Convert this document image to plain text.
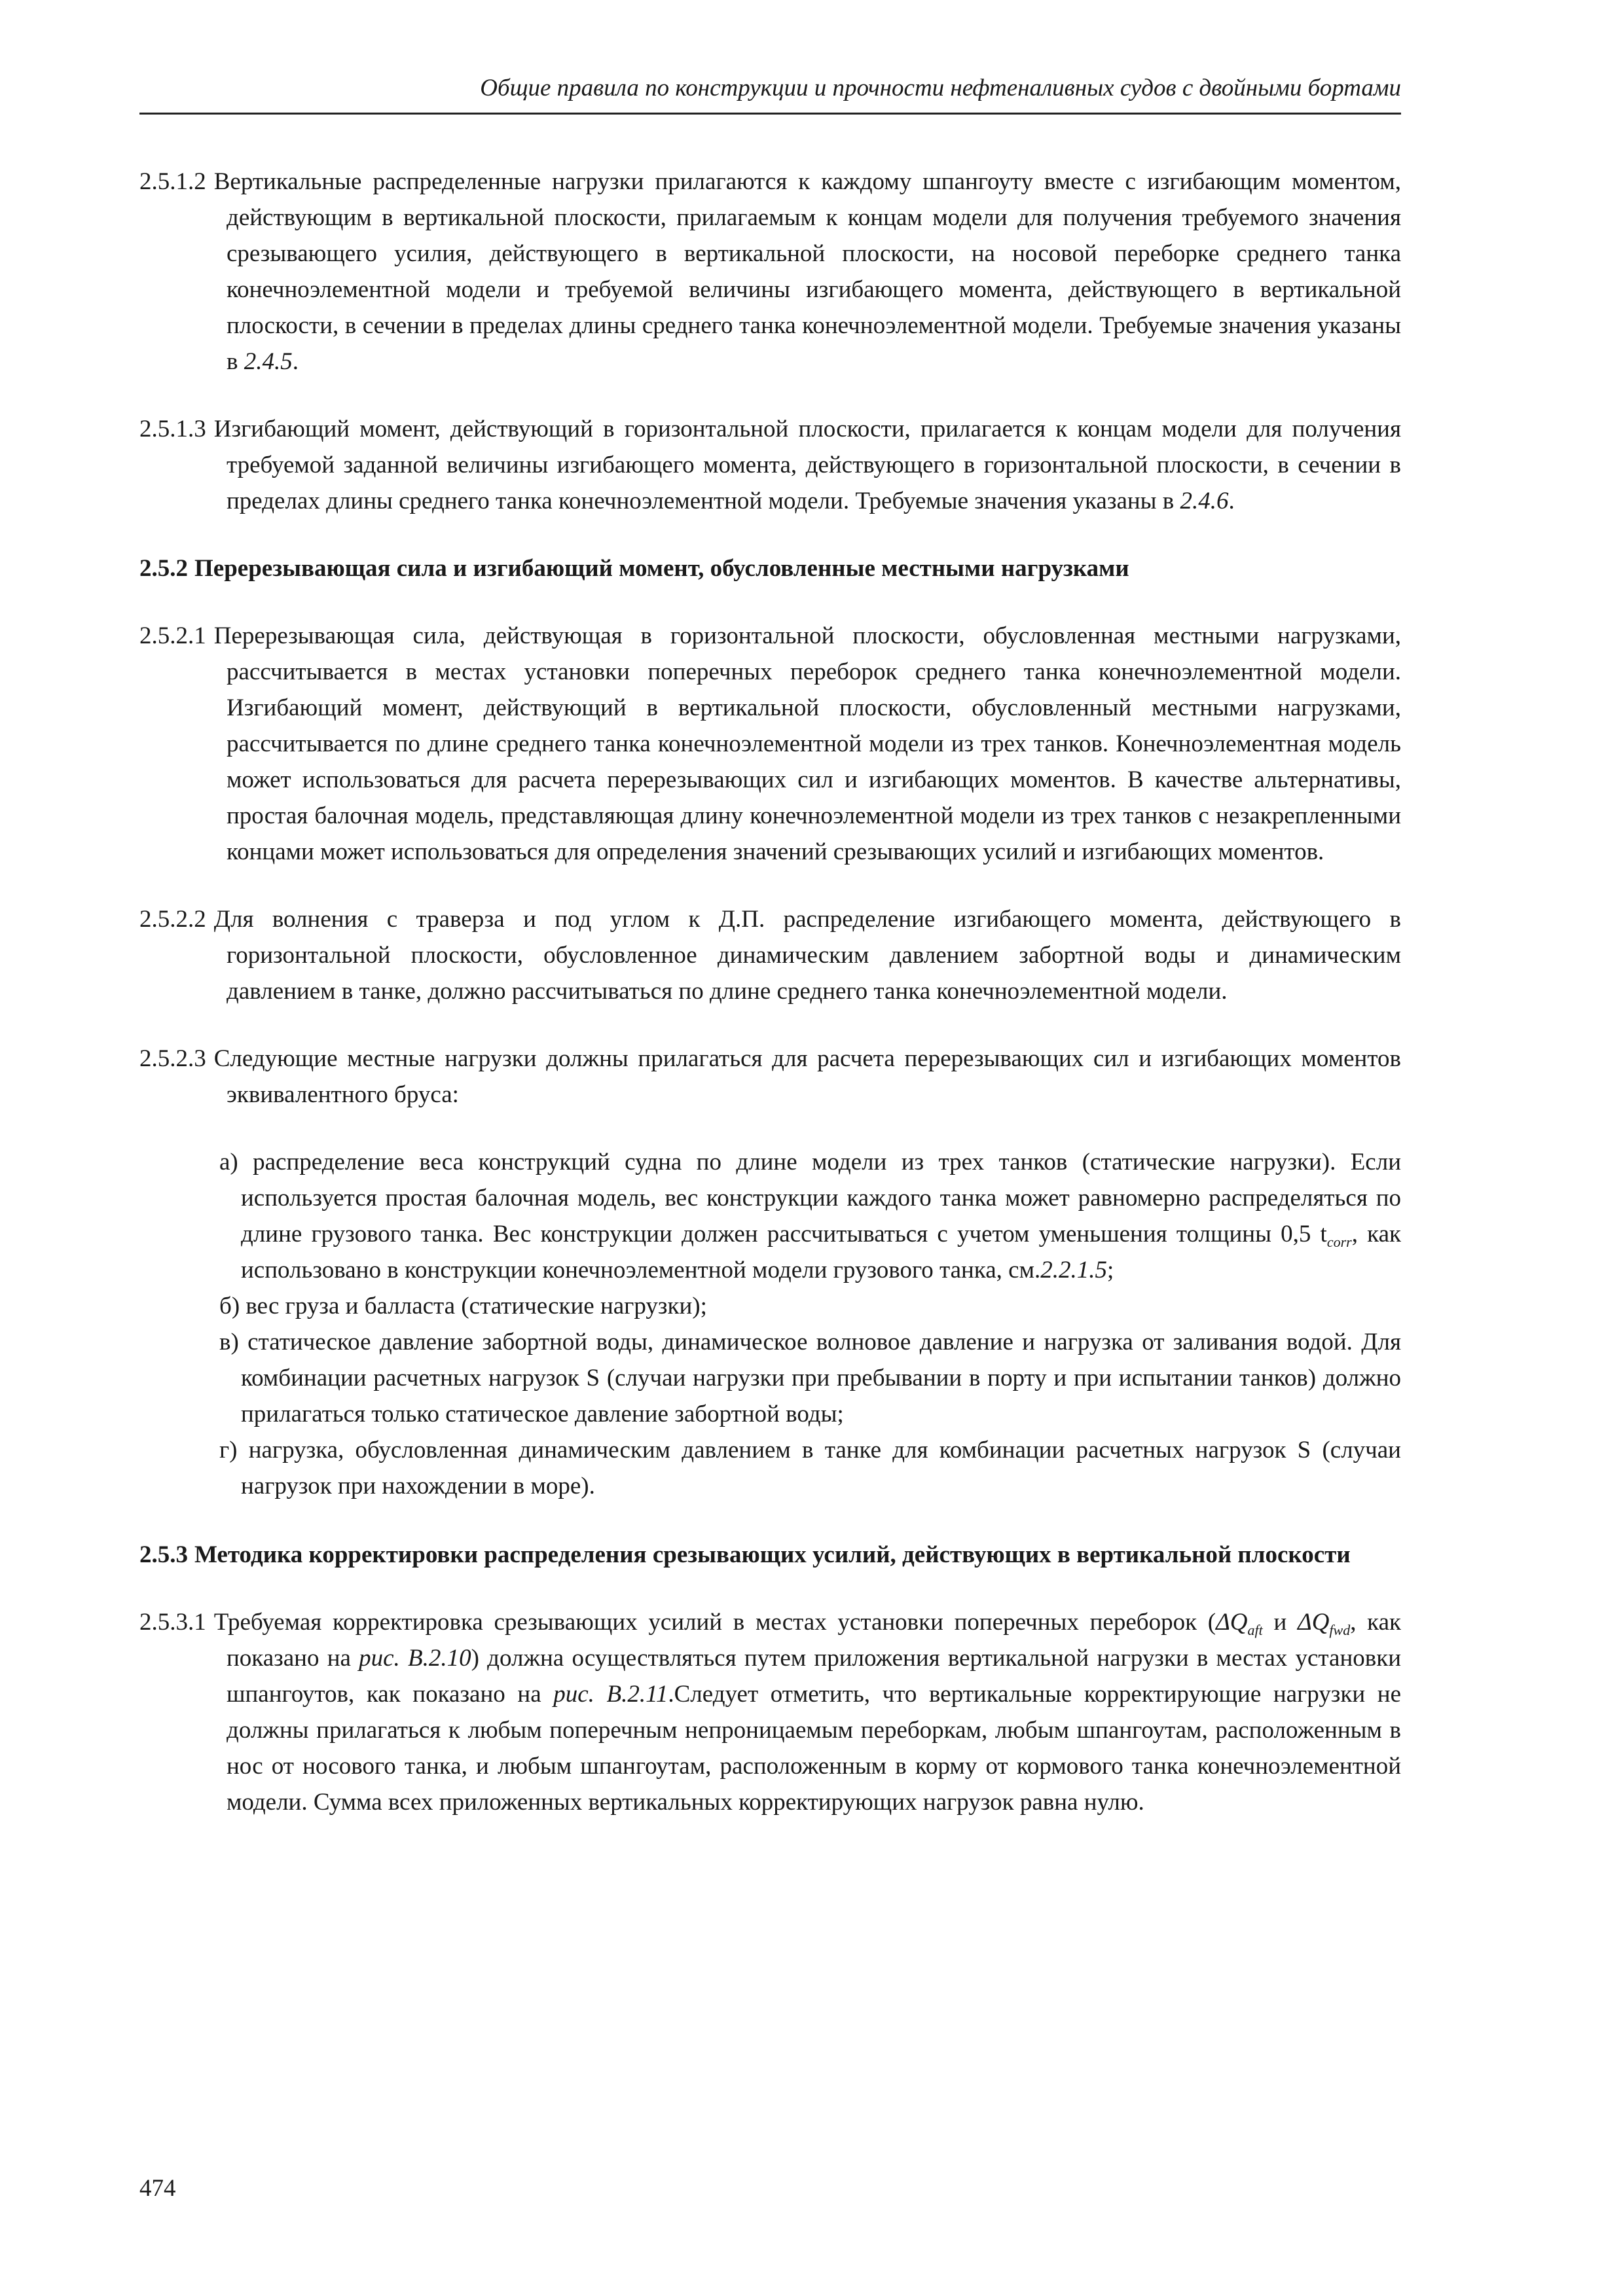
Общие правила по конструкции и прочности нефтеналивных судов с двойными бортами

2.5.1.2 Вертикальные распределенные нагрузки прилагаются к каждому шпангоуту вместе с изгибающим моментом, действующим в вертикальной плоскости, прилагаемым к концам модели для получения требуемого значения срезывающего усилия, действующего в вертикальной плоскости, на носовой переборке среднего танка конечноэлементной модели и требуемой величины изгибающего момента, действующего в вертикальной плоскости, в сечении в пределах длины среднего танка конечноэлементной модели. Требуемые значения указаны в 2.4.5.

2.5.1.3 Изгибающий момент, действующий в горизонтальной плоскости, прилагается к концам модели для получения требуемой заданной величины изгибающего момента, действующего в горизонтальной плоскости, в сечении в пределах длины среднего танка конечноэлементной модели. Требуемые значения указаны в 2.4.6.

2.5.2 Перерезывающая сила и изгибающий момент, обусловленные местными нагрузками

2.5.2.1 Перерезывающая сила, действующая в горизонтальной плоскости, обусловленная местными нагрузками, рассчитывается в местах установки поперечных переборок среднего танка конечноэлементной модели. Изгибающий момент, действующий в вертикальной плоскости, обусловленный местными нагрузками, рассчитывается по длине среднего танка конечноэлементной модели из трех танков. Конечноэлементная модель может использоваться для расчета перерезывающих сил и изгибающих моментов. В качестве альтернативы, простая балочная модель, представляющая длину конечноэлементной модели из трех танков с незакрепленными концами может использоваться для определения значений срезывающих усилий и изгибающих моментов.

2.5.2.2 Для волнения с траверза и под углом к Д.П. распределение изгибающего момента, действующего в горизонтальной плоскости, обусловленное динамическим давлением забортной воды и динамическим давлением в танке, должно рассчитываться по длине среднего танка конечноэлементной модели.

2.5.2.3 Следующие местные нагрузки должны прилагаться для расчета перерезывающих сил и изгибающих моментов эквивалентного бруса:

а) распределение веса конструкций судна по длине модели из трех танков (статические нагрузки). Если используется простая балочная модель, вес конструкции каждого танка может равномерно распределяться по длине грузового танка. Вес конструкции должен рассчитываться с учетом уменьшения толщины 0,5 $t_{corr}$, как использовано в конструкции конечноэлементной модели грузового танка, см.2.2.1.5;

б) вес груза и балласта (статические нагрузки);

в) статическое давление забортной воды, динамическое волновое давление и нагрузка от заливания водой. Для комбинации расчетных нагрузок S (случаи нагрузки при пребывании в порту и при испытании танков) должно прилагаться только статическое давление забортной воды;

г) нагрузка, обусловленная динамическим давлением в танке для комбинации расчетных нагрузок S (случаи нагрузок при нахождении в море).

2.5.3 Методика корректировки распределения срезывающих усилий, действующих в вертикальной плоскости

2.5.3.1 Требуемая корректировка срезывающих усилий в местах установки поперечных переборок ($\Delta Q_{aft}$ и $\Delta Q_{fwd}$, как показано на рис. В.2.10) должна осуществляться путем приложения вертикальной нагрузки в местах установки шпангоутов, как показано на рис. В.2.11.Следует отметить, что вертикальные корректирующие нагрузки не должны прилагаться к любым поперечным непроницаемым переборкам, любым шпангоутам, расположенным в нос от носового танка, и любым шпангоутам, расположенным в корму от кормового танка конечноэлементной модели. Сумма всех приложенных вертикальных корректирующих нагрузок равна нулю.

474
